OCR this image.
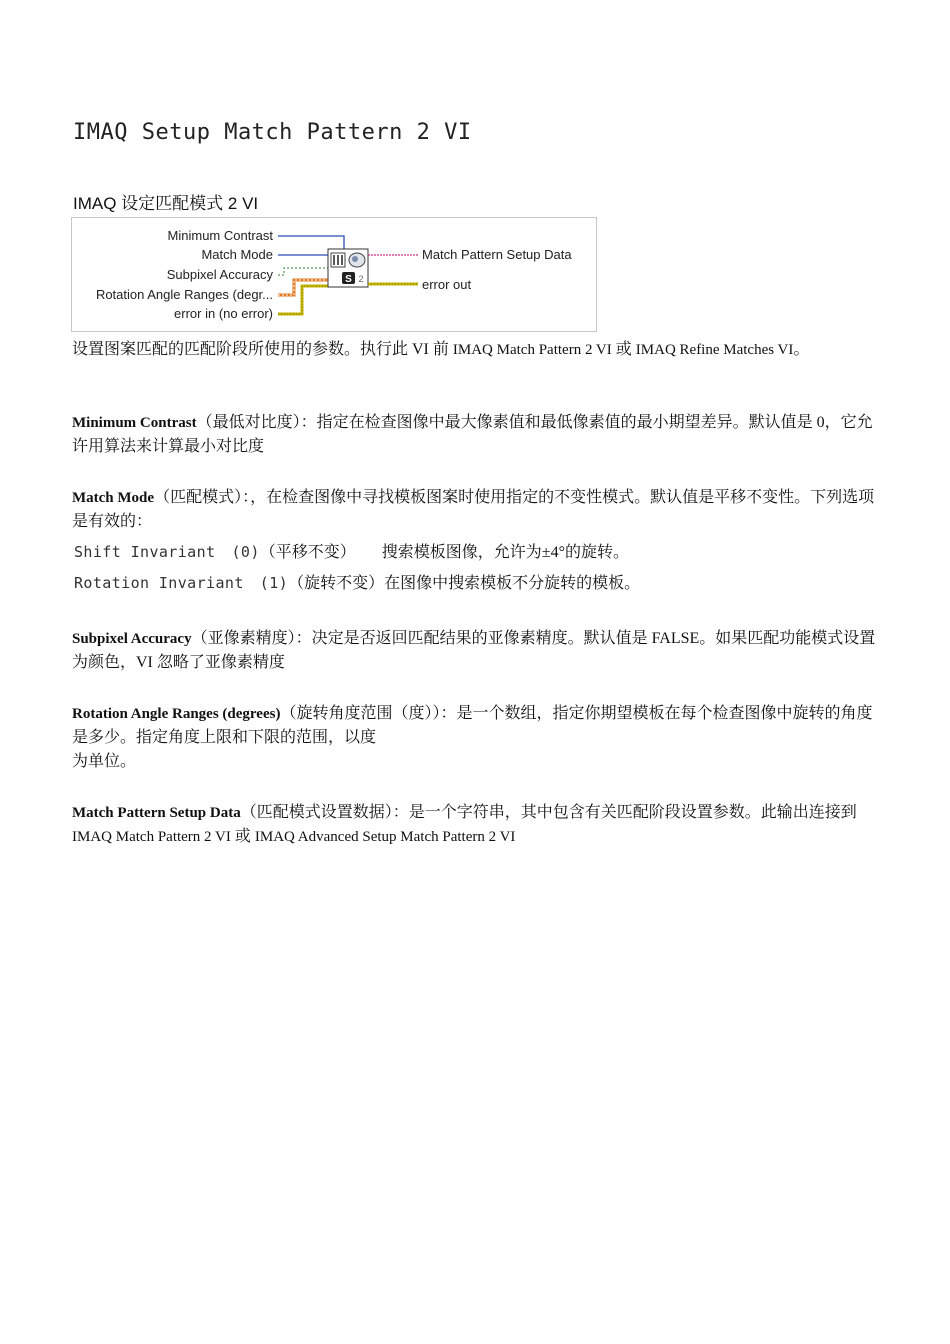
IMAQ Setup Match Pattern 2 VI
IMAQ 设定匹配模式 2 VI
Minimum Contrast
Match Mode
Subpixel Accuracy
Rotation Angle Ranges (degr...
error in (no error)
S 2
Match Pattern Setup Data
error out
设置图案匹配的匹配阶段所使用的参数。执行此 VI 前 IMAQ Match Pattern 2 VI 或 IMAQ Refine Matches VI。
Minimum Contrast（最低对比度）：指定在检查图像中最大像素值和最低像素值的最小期望差异。默认值是 0，它允许用算法来计算最小对比度
Match Mode（匹配模式）：，在检查图像中寻找模板图案时使用指定的不变性模式。默认值是平移不变性。下列选项是有效的：
Shift Invariant (0)（平移不变） 搜索模板图像，允许为±4°的旋转。
Rotation Invariant (1)（旋转不变）在图像中搜索模板不分旋转的模板。
Subpixel Accuracy（亚像素精度）：决定是否返回匹配结果的亚像素精度。默认值是 FALSE。如果匹配功能模式设置为颜色，VI 忽略了亚像素精度
Rotation Angle Ranges (degrees)（旋转角度范围（度））：是一个数组，指定你期望模板在每个检查图像中旋转的角度是多少。指定角度上限和下限的范围，以度
为单位。
Match Pattern Setup Data（匹配模式设置数据）：是一个字符串，其中包含有关匹配阶段设置参数。此输出连接到 IMAQ Match Pattern 2 VI 或 IMAQ Advanced Setup Match Pattern 2 VI
